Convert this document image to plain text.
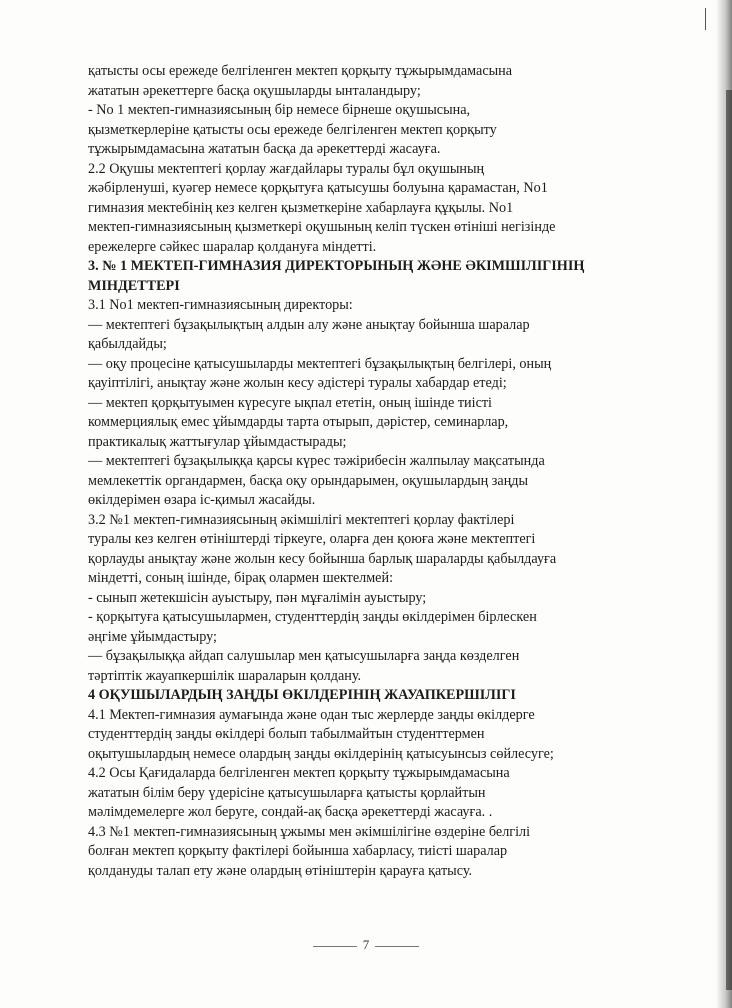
қатысты осы ережеде белгіленген мектеп қорқыту тұжырымдамасына

жататын әрекеттерге басқа оқушыларды ынталандыру;

- No 1 мектеп-гимназиясының бір немесе бірнеше оқушысына,

қызметкерлеріне қатысты осы ережеде белгіленген мектеп қорқыту

тұжырымдамасына жататын басқа да әрекеттерді жасауға.

2.2 Оқушы мектептегі қорлау жағдайлары туралы бұл оқушының

жәбірленуші, куәгер немесе қорқытуға қатысушы болуына қарамастан, No1

гимназия мектебінің кез келген қызметкеріне хабарлауға құқылы. No1

мектеп-гимназиясының қызметкері оқушының келіп түскен өтініші негізінде

ережелерге сәйкес шаралар қолдануға міндетті.

3. № 1 МЕКТЕП-ГИМНАЗИЯ ДИРЕКТОРЫНЫҢ ЖӘНЕ ӘКІМШІЛІГІНІҢ

МІНДЕТТЕРІ

3.1 No1 мектеп-гимназиясының директоры:

— мектептегі бұзақылықтың алдын алу және анықтау бойынша шаралар

қабылдайды;

— оқу процесіне қатысушыларды мектептегі бұзақылықтың белгілері, оның

қауіптілігі, анықтау және жолын кесу әдістері туралы хабардар етеді;

— мектеп қорқытуымен күресуге ықпал ететін, оның ішінде тиісті

коммерциялық емес ұйымдарды тарта отырып, дәрістер, семинарлар,

практикалық жаттығулар ұйымдастырады;

— мектептегі бұзақылыққа қарсы күрес тәжірибесін жалпылау мақсатында

мемлекеттік органдармен, басқа оқу орындарымен, оқушылардың заңды

өкілдерімен өзара іс-қимыл жасайды.

3.2 №1 мектеп-гимназиясының әкімшілігі мектептегі қорлау фактілері

туралы кез келген өтініштерді тіркеуге, оларға ден қоюға және мектептегі

қорлауды анықтау және жолын кесу бойынша барлық шараларды қабылдауға

міндетті, соның ішінде, бірақ олармен шектелмей:

- сынып жетекшісін ауыстыру, пән мұғалімін ауыстыру;

- қорқытуға қатысушылармен, студенттердің заңды өкілдерімен бірлескен

әңгіме ұйымдастыру;

— бұзақылыққа айдап салушылар мен қатысушыларға заңда көзделген

тәртіптік жауапкершілік шараларын қолдану.

4 ОҚУШЫЛАРДЫҢ ЗАҢДЫ ӨКІЛДЕРІНІҢ ЖАУАПКЕРШІЛІГІ

4.1 Мектеп-гимназия аумағында және одан тыс жерлерде заңды өкілдерге

студенттердің заңды өкілдері болып табылмайтын студенттермен

оқытушылардың немесе олардың заңды өкілдерінің қатысуынсыз сөйлесуге;

4.2 Осы Қағидаларда белгіленген мектеп қорқыту тұжырымдамасына

жататын білім беру үдерісіне қатысушыларға қатысты қорлайтын

мәлімдемелерге жол беруге, сондай-ақ басқа әрекеттерді жасауға. .

4.3 №1 мектеп-гимназиясының ұжымы мен әкімшілігіне өздеріне белгілі

болған мектеп қорқыту фактілері бойынша хабарласу, тиісті шаралар

қолдануды талап ету және олардың өтініштерін қарауға қатысу.

7
